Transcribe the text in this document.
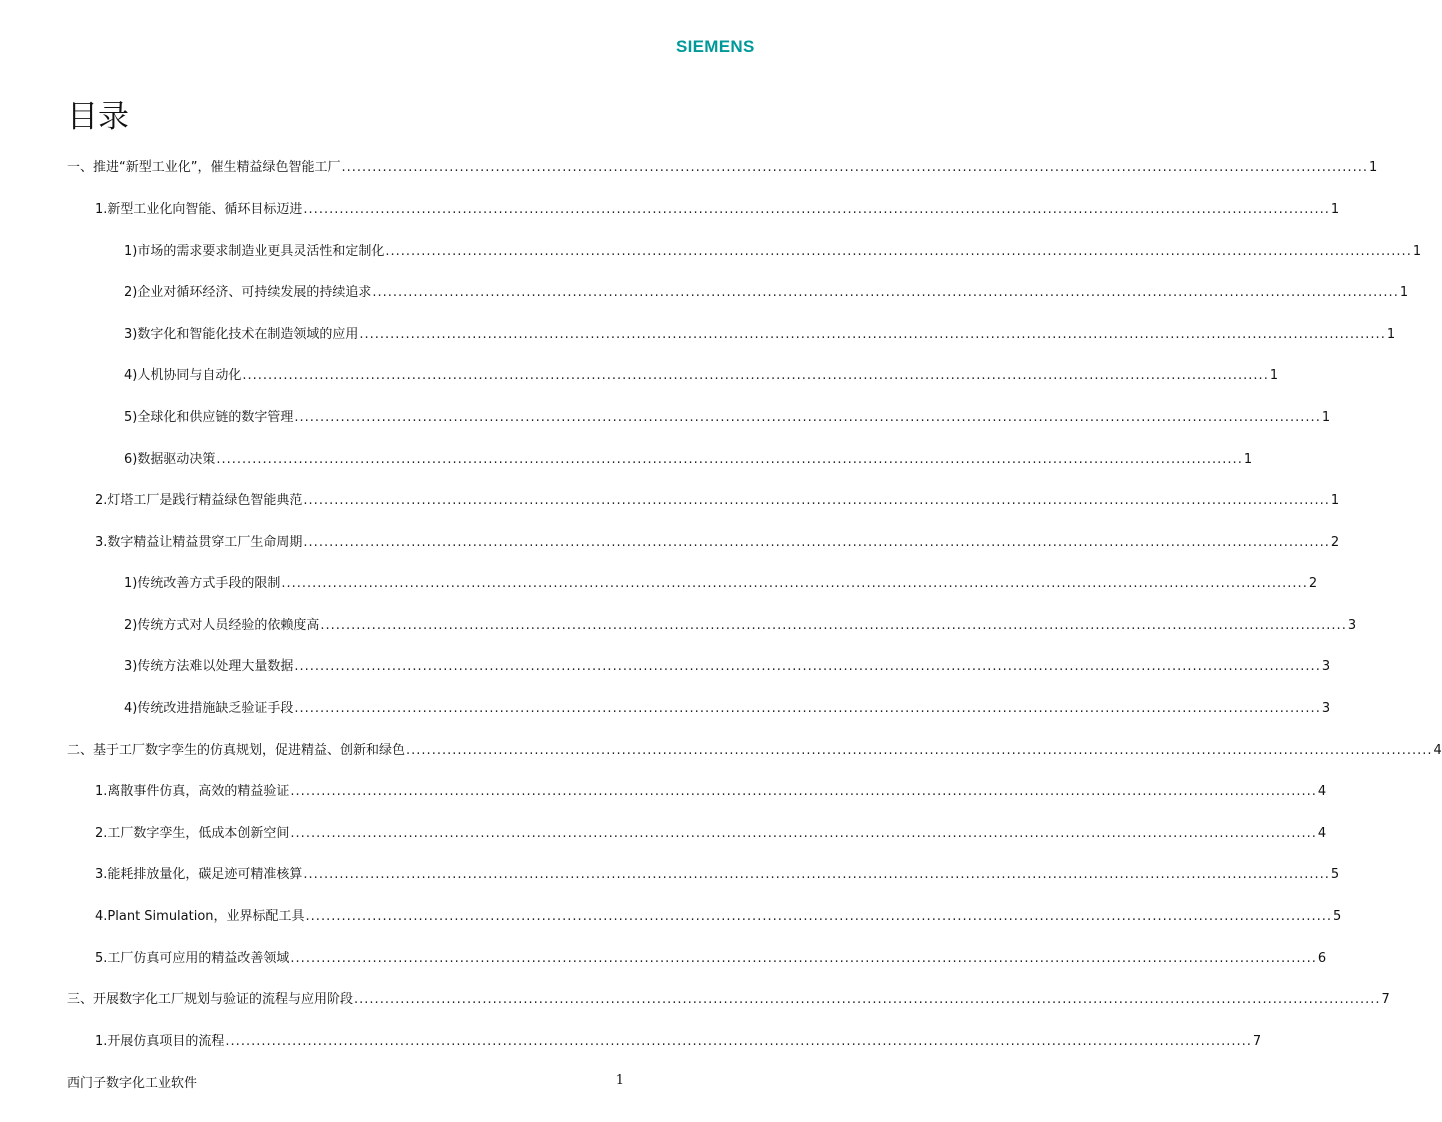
SIEMENS
目录
一、 推进“新型工业化”，催生精益绿色智能工厂 ........................................................................................................................................................................................................ 1
1. 新型工业化向智能、循环目标迈进 ........................................................................................................................................................................................................ 1
1) 市场的需求要求制造业更具灵活性和定制化 ........................................................................................................................................................................................................ 1
2) 企业对循环经济、可持续发展的持续追求 ........................................................................................................................................................................................................ 1
3) 数字化和智能化技术在制造领域的应用 ........................................................................................................................................................................................................ 1
4) 人机协同与自动化 ........................................................................................................................................................................................................ 1
5) 全球化和供应链的数字管理 ........................................................................................................................................................................................................ 1
6) 数据驱动决策 ........................................................................................................................................................................................................ 1
2. 灯塔工厂是践行精益绿色智能典范 ........................................................................................................................................................................................................ 1
3. 数字精益让精益贯穿工厂生命周期 ........................................................................................................................................................................................................ 2
1) 传统改善方式手段的限制 ........................................................................................................................................................................................................ 2
2) 传统方式对人员经验的依赖度高 ........................................................................................................................................................................................................ 3
3) 传统方法难以处理大量数据 ........................................................................................................................................................................................................ 3
4) 传统改进措施缺乏验证手段 ........................................................................................................................................................................................................ 3
二、 基于工厂数字孪生的仿真规划，促进精益、创新和绿色 ........................................................................................................................................................................................................ 4
1. 离散事件仿真，高效的精益验证 ........................................................................................................................................................................................................ 4
2. 工厂数字孪生，低成本创新空间 ........................................................................................................................................................................................................ 4
3. 能耗排放量化，碳足迹可精准核算 ........................................................................................................................................................................................................ 5
4. Plant Simulation，业界标配工具 ........................................................................................................................................................................................................ 5
5. 工厂仿真可应用的精益改善领域 ........................................................................................................................................................................................................ 6
三、 开展数字化工厂规划与验证的流程与应用阶段 ........................................................................................................................................................................................................ 7
1. 开展仿真项目的流程 ........................................................................................................................................................................................................ 7
西门子数字化工业软件	1
